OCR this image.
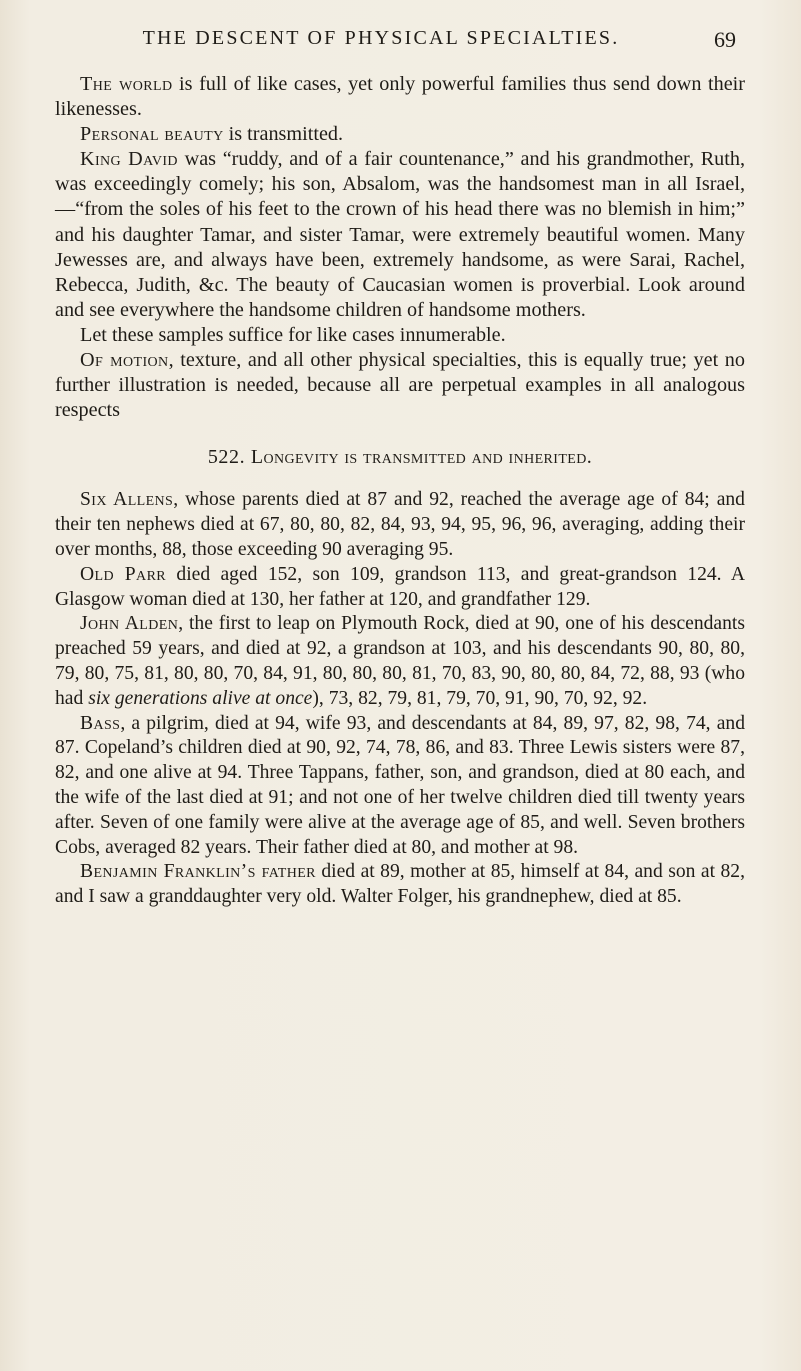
THE DESCENT OF PHYSICAL SPECIALTIES.	69

The world is full of like cases, yet only powerful families thus send down their likenesses.

Personal beauty is transmitted.

King David was “ruddy, and of a fair countenance,” and his grandmother, Ruth, was exceedingly comely; his son, Absalom, was the handsomest man in all Israel,—“from the soles of his feet to the crown of his head there was no blemish in him;” and his daughter Tamar, and sister Tamar, were extremely beautiful women. Many Jewesses are, and always have been, extremely handsome, as were Sarai, Rachel, Rebecca, Judith, &c. The beauty of Caucasian women is proverbial. Look around and see everywhere the handsome children of handsome mothers.

Let these samples suffice for like cases innumerable.

Of motion, texture, and all other physical specialties, this is equally true; yet no further illustration is needed, because all are perpetual examples in all analogous respects

522. Longevity is transmitted and inherited.

Six Allens, whose parents died at 87 and 92, reached the average age of 84; and their ten nephews died at 67, 80, 80, 82, 84, 93, 94, 95, 96, 96, averaging, adding their over months, 88, those exceeding 90 averaging 95.

Old Parr died aged 152, son 109, grandson 113, and great-grandson 124. A Glasgow woman died at 130, her father at 120, and grandfather 129.

John Alden, the first to leap on Plymouth Rock, died at 90, one of his descendants preached 59 years, and died at 92, a grandson at 103, and his descendants 90, 80, 80, 79, 80, 75, 81, 80, 80, 70, 84, 91, 80, 80, 80, 81, 70, 83, 90, 80, 80, 84, 72, 88, 93 (who had six generations alive at once), 73, 82, 79, 81, 79, 70, 91, 90, 70, 92, 92.

Bass, a pilgrim, died at 94, wife 93, and descendants at 84, 89, 97, 82, 98, 74, and 87. Copeland’s children died at 90, 92, 74, 78, 86, and 83. Three Lewis sisters were 87, 82, and one alive at 94. Three Tappans, father, son, and grandson, died at 80 each, and the wife of the last died at 91; and not one of her twelve children died till twenty years after. Seven of one family were alive at the average age of 85, and well. Seven brothers Cobs, averaged 82 years. Their father died at 80, and mother at 98.

Benjamin Franklin’s father died at 89, mother at 85, himself at 84, and son at 82, and I saw a granddaughter very old. Walter Folger, his grandnephew, died at 85.
